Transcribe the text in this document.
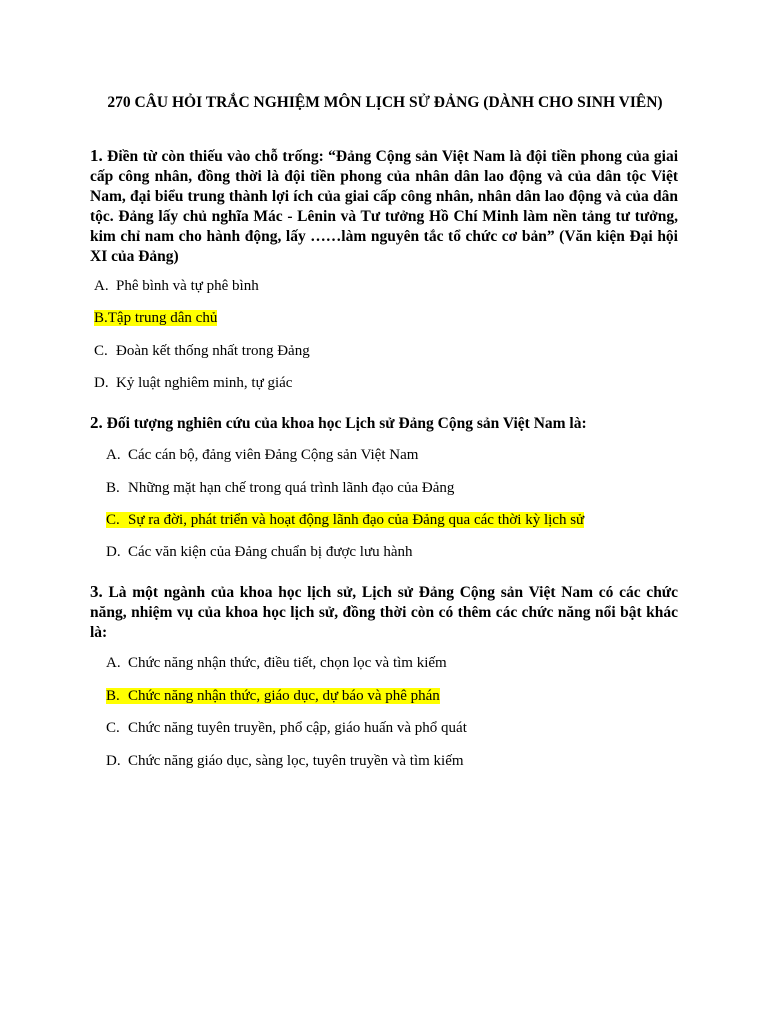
270 CÂU HỎI TRẮC NGHIỆM MÔN LỊCH SỬ ĐẢNG (DÀNH CHO SINH VIÊN)
1. Điền từ còn thiếu vào chỗ trống: “Đảng Cộng sản Việt Nam là đội tiền phong của giai cấp công nhân, đồng thời là đội tiền phong của nhân dân lao động và của dân tộc Việt Nam, đại biểu trung thành lợi ích của giai cấp công nhân, nhân dân lao động và của dân tộc. Đảng lấy chủ nghĩa Mác - Lênin và Tư tưởng Hồ Chí Minh làm nền tảng tư tưởng, kim chỉ nam cho hành động, lấy ……làm nguyên tắc tổ chức cơ bản” (Văn kiện Đại hội XI của Đảng)
A. Phê bình và tự phê bình
B.Tập trung dân chủ
C. Đoàn kết thống nhất trong Đảng
D. Kỷ luật nghiêm minh, tự giác
2. Đối tượng nghiên cứu của khoa học Lịch sử Đảng Cộng sản Việt Nam là:
A. Các cán bộ, đảng viên Đảng Cộng sản Việt Nam
B. Những mặt hạn chế trong quá trình lãnh đạo của Đảng
C. Sự ra đời, phát triển và hoạt động lãnh đạo của Đảng qua các thời kỳ lịch sử
D. Các văn kiện của Đảng chuẩn bị được lưu hành
3. Là một ngành của khoa học lịch sử, Lịch sử Đảng Cộng sản Việt Nam có các chức năng, nhiệm vụ của khoa học lịch sử, đồng thời còn có thêm các chức năng nổi bật khác là:
A. Chức năng nhận thức, điều tiết, chọn lọc và tìm kiếm
B. Chức năng nhận thức, giáo dục, dự báo và phê phán
C. Chức năng tuyên truyền, phổ cập, giáo huấn và phổ quát
D. Chức năng giáo dục, sàng lọc, tuyên truyền và tìm kiếm
